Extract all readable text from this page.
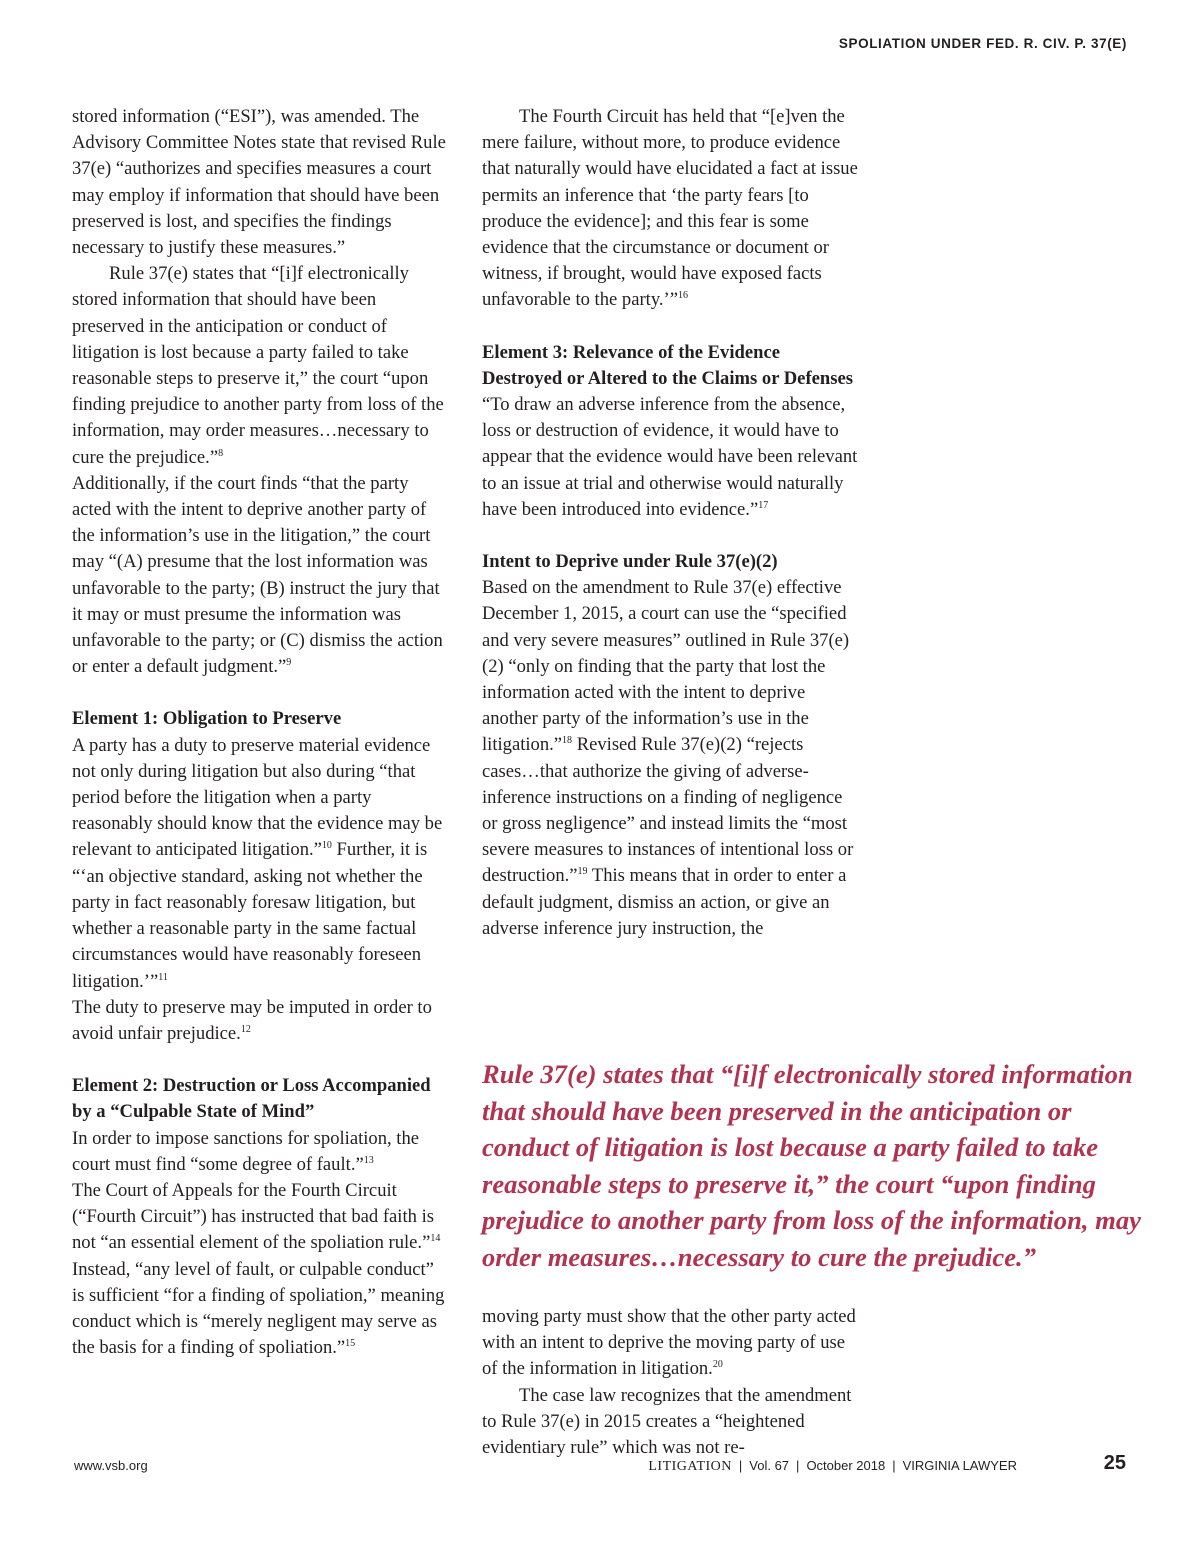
SPOLIATION UNDER FED. R. CIV. P. 37(E)

stored information (“ESI”), was amended. The Advisory Committee Notes state that revised Rule 37(e) “authorizes and specifies measures a court may employ if information that should have been preserved is lost, and specifies the findings necessary to justify these measures.”

Rule 37(e) states that “[i]f electronically stored information that should have been preserved in the anticipation or conduct of litigation is lost because a party failed to take reasonable steps to preserve it,” the court “upon finding prejudice to another party from loss of the information, may order measures…necessary to cure the prejudice.”$^8$

Additionally, if the court finds “that the party acted with the intent to deprive another party of the information’s use in the litigation,” the court may “(A) presume that the lost information was unfavorable to the party; (B) instruct the jury that it may or must presume the information was unfavorable to the party; or (C) dismiss the action or enter a default judgment.”$^9$

Element 1: Obligation to Preserve

A party has a duty to preserve material evidence not only during litigation but also during “that period before the litigation when a party reasonably should know that the evidence may be relevant to anticipated litigation.”$^{10}$ Further, it is “‘an objective standard, asking not whether the party in fact reasonably foresaw litigation, but whether a reasonable party in the same factual circumstances would have reasonably foreseen litigation.’”$^{11}$

The duty to preserve may be imputed in order to avoid unfair prejudice.$^{12}$

Element 2: Destruction or Loss Accompanied by a “Culpable State of Mind”

In order to impose sanctions for spoliation, the court must find “some degree of fault.”$^{13}$

The Court of Appeals for the Fourth Circuit (“Fourth Circuit”) has instructed that bad faith is not “an essential element of the spoliation rule.”$^{14}$ Instead, “any level of fault, or culpable conduct” is sufficient “for a finding of spoliation,” meaning conduct which is “merely negligent may serve as the basis for a finding of spoliation.”$^{15}$

The Fourth Circuit has held that “[e]ven the mere failure, without more, to produce evidence that naturally would have elucidated a fact at issue permits an inference that ‘the party fears [to produce the evidence]; and this fear is some evidence that the circumstance or document or witness, if brought, would have exposed facts unfavorable to the party.’”$^{16}$

Element 3: Relevance of the Evidence Destroyed or Altered to the Claims or Defenses

“To draw an adverse inference from the absence, loss or destruction of evidence, it would have to appear that the evidence would have been relevant to an issue at trial and otherwise would naturally have been introduced into evidence.”$^{17}$

Intent to Deprive under Rule 37(e)(2)

Based on the amendment to Rule 37(e) effective December 1, 2015, a court can use the “specified and very severe measures” outlined in Rule 37(e)(2) “only on finding that the party that lost the information acted with the intent to deprive another party of the information’s use in the litigation.”$^{18}$ Revised Rule 37(e)(2) “rejects cases…that authorize the giving of adverse-inference instructions on a finding of negligence or gross negligence” and instead limits the “most severe measures to instances of intentional loss or destruction.”$^{19}$ This means that in order to enter a default judgment, dismiss an action, or give an adverse inference jury instruction, the

Rule 37(e) states that “[i]f electronically stored information that should have been preserved in the anticipation or conduct of litigation is lost because a party failed to take reasonable steps to preserve it,” the court “upon finding prejudice to another party from loss of the information, may order measures…necessary to cure the prejudice.”

moving party must show that the other party acted with an intent to deprive the moving party of use of the information in litigation.$^{20}$

The case law recognizes that the amendment to Rule 37(e) in 2015 creates a “heightened evidentiary rule” which was not re-

www.vsb.org	LITIGATION | Vol. 67 | October 2018 | VIRGINIA LAWYER	25
